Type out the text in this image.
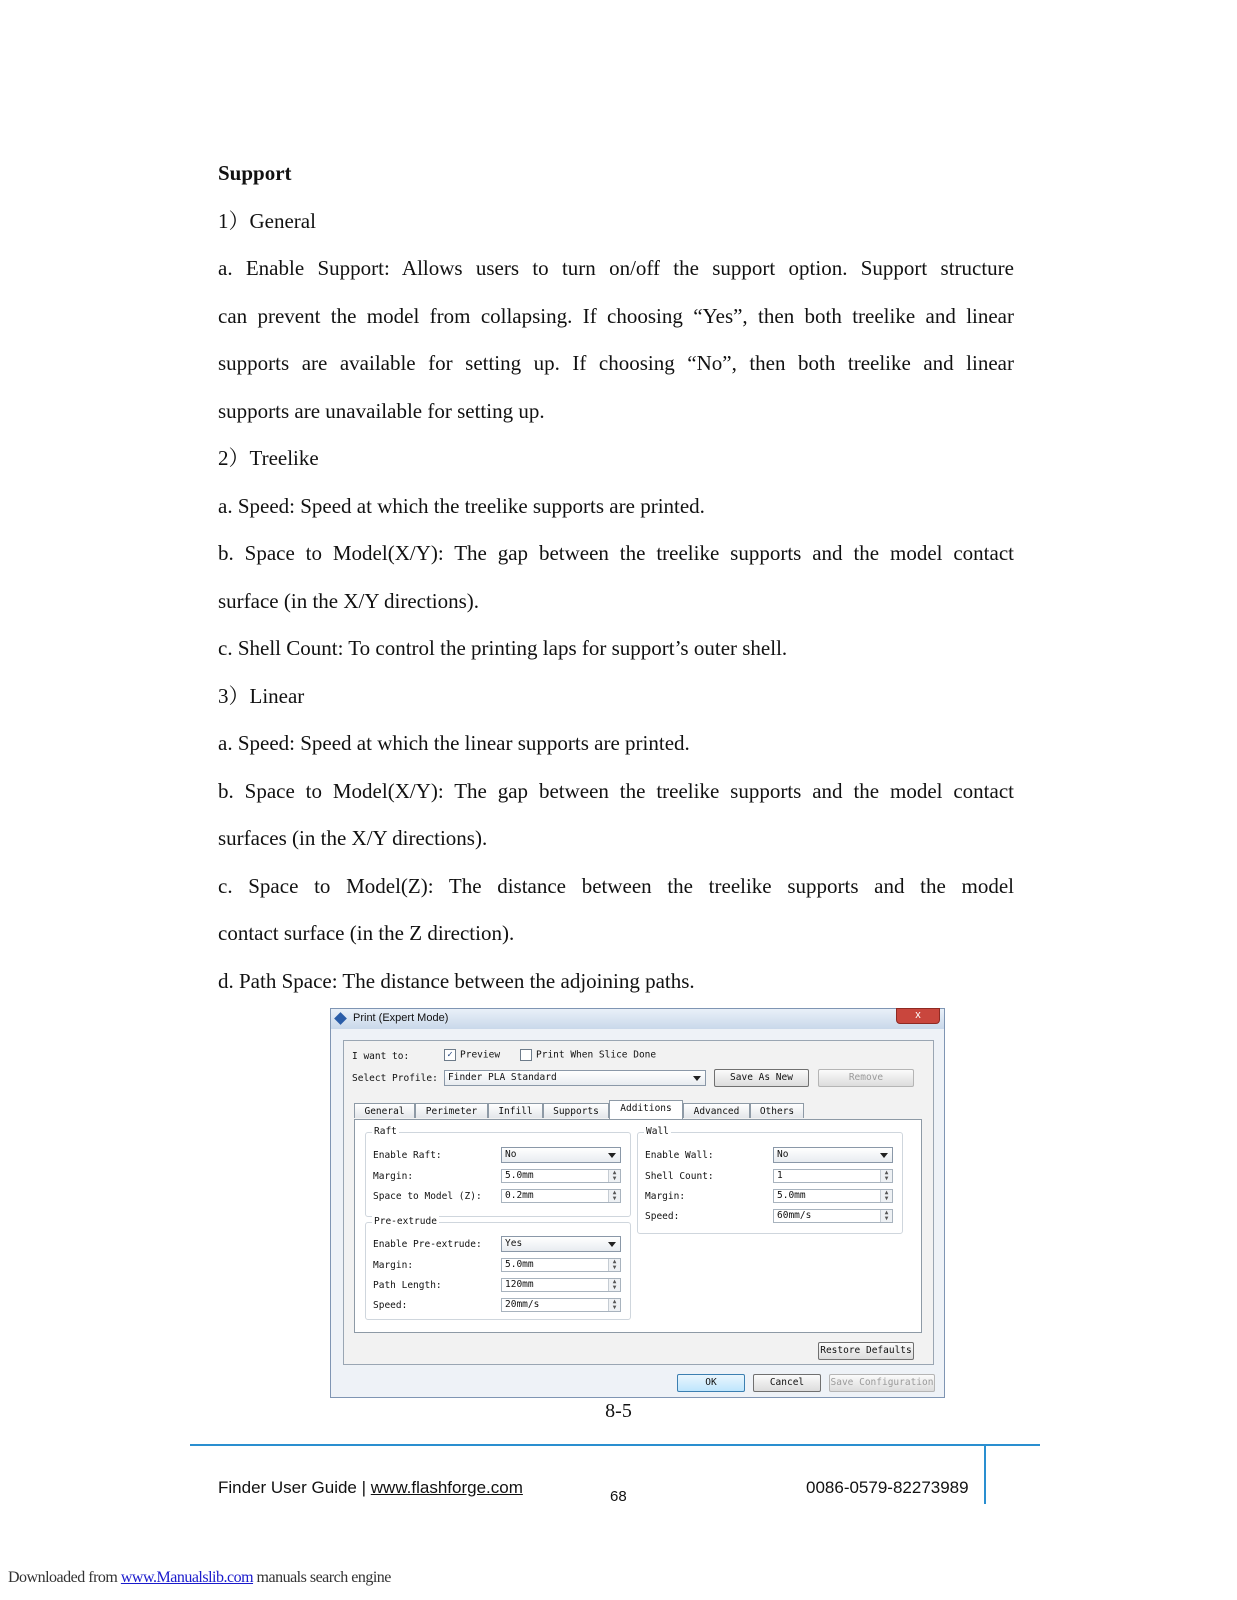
Support

1）General

a. Enable Support: Allows users to turn on/off the support option. Support structure

can prevent the model from collapsing. If choosing “Yes”, then both treelike and linear

supports are available for setting up. If choosing “No”, then both treelike and linear

supports are unavailable for setting up.

2）Treelike

a. Speed: Speed at which the treelike supports are printed.

b. Space to Model(X/Y): The gap between the treelike supports and the model contact

surface (in the X/Y directions).

c. Shell Count: To control the printing laps for support’s outer shell.

3）Linear

a. Speed: Speed at which the linear supports are printed.

b. Space to Model(X/Y): The gap between the treelike supports and the model contact

surfaces (in the X/Y directions).

c. Space to Model(Z): The distance between the treelike supports and the model

contact surface (in the Z direction).

d. Path Space: The distance between the adjoining paths.

Print (Expert Mode)	x
I want to:	✓ Preview	Print When Slice Done
Select Profile: Finder PLA Standard	Save As New	Remove
General	Perimeter	Infill	Supports	Additions	Advanced	Others
Raft
Enable Raft:	No
Margin:	5.0mm	▲
▼
Space to Model (Z): 0.2mm	▲
▼
Pre-extrude
Enable Pre-extrude: Yes
Margin:	5.0mm	▲
▼
Path Length:	120mm	▲
▼
Speed:	20mm/s	▲
▼
Wall
Enable Wall:	No
Shell Count:	1	▲
▼
Margin:	5.0mm	▲
▼
Speed:	60mm/s	▲
▼
Restore Defaults
OK	Cancel	Save Configuration
8-5
Finder User Guide | www.flashforge.com	68	0086-0579-82273989
Downloaded from www.Manualslib.com manuals search engine
